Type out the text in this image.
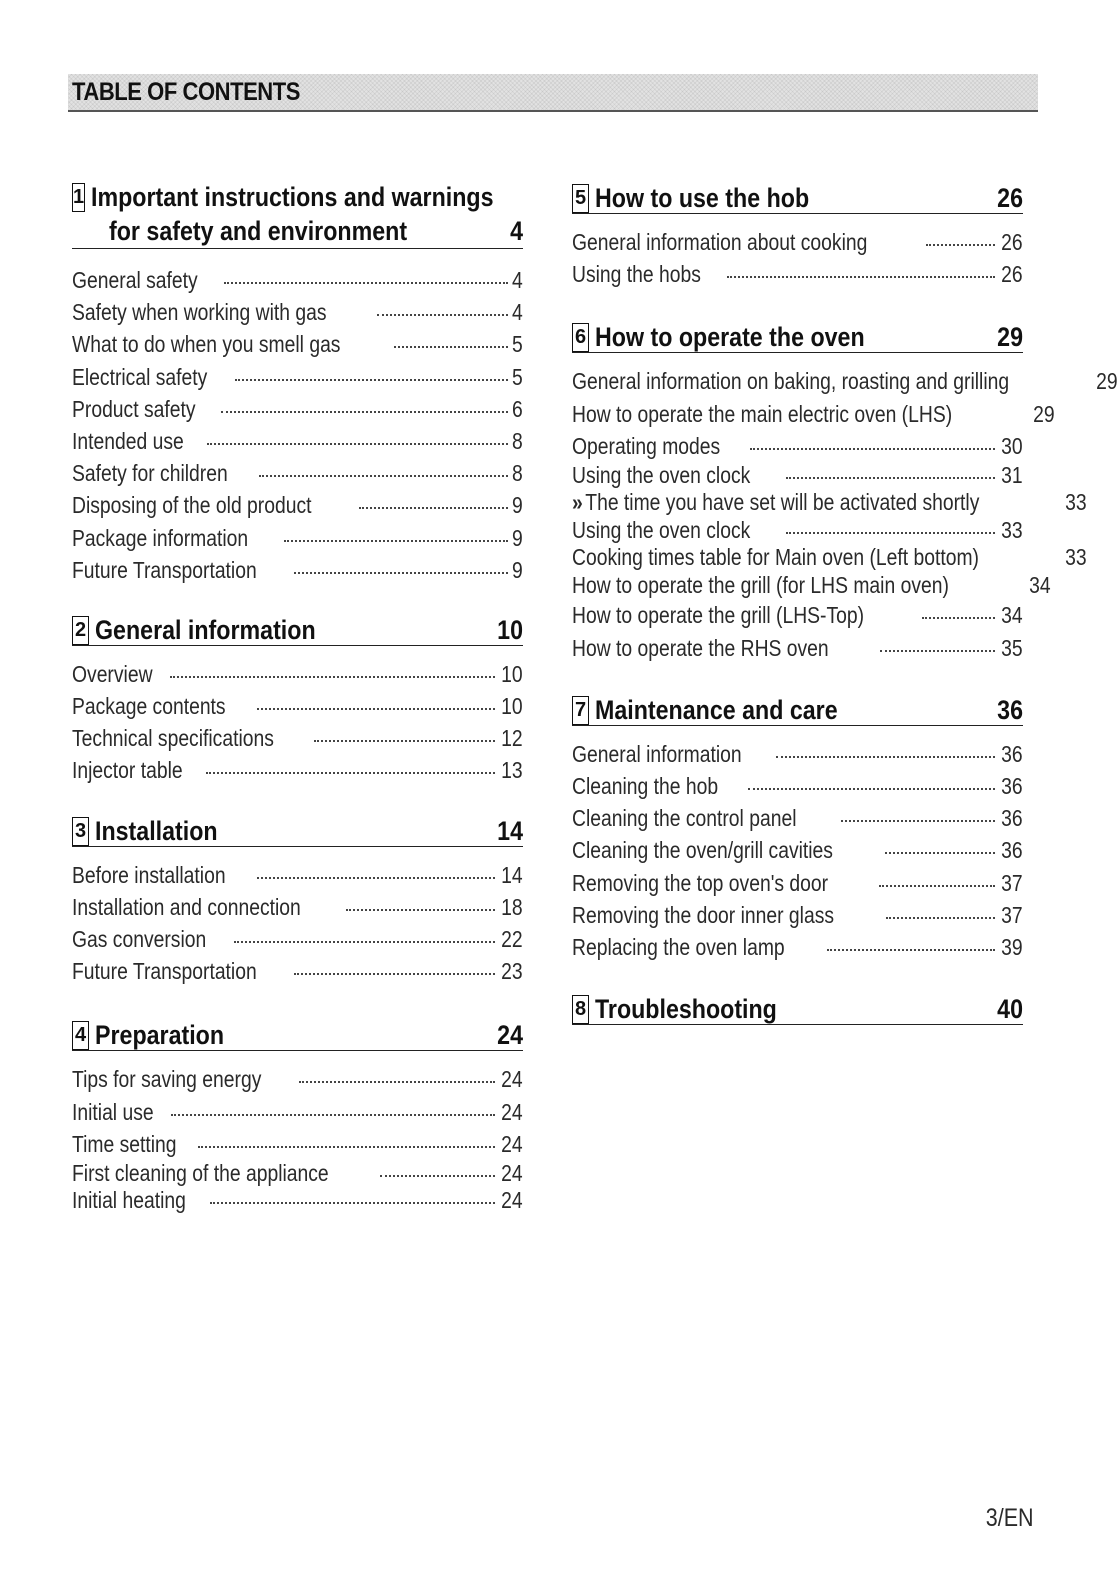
TABLE OF CONTENTS
1 Important instructions and warnings
for safety and environment	4
General safety	4
Safety when working with gas	4
What to do when you smell gas	5
Electrical safety	5
Product safety	6
Intended use	8
Safety for children	8
Disposing of the old product	9
Package information	9
Future Transportation	9
2 General information	10
Overview	10
Package contents	10
Technical specifications	12
Injector table	13
3 Installation	14
Before installation	14
Installation and connection	18
Gas conversion	22
Future Transportation	23
4 Preparation	24
Tips for saving energy	24
Initial use	24
Time setting	24
First cleaning of the appliance	24
Initial heating	24
5 How to use the hob	26
General information about cooking	26
Using the hobs	26
6 How to operate the oven	29
General information on baking, roasting and grilling	29
How to operate the main electric oven (LHS)	29
Operating modes	30
Using the oven clock	31
» The time you have set will be activated shortly	33
Using the oven clock	33
Cooking times table for Main oven (Left bottom)	33
How to operate the grill (for LHS main oven)	34
How to operate the grill (LHS-Top)	34
How to operate the RHS oven	35
7 Maintenance and care	36
General information	36
Cleaning the hob	36
Cleaning the control panel	36
Cleaning the oven/grill cavities	36
Removing the top oven's door	37
Removing the door inner glass	37
Replacing the oven lamp	39
8 Troubleshooting	40
3/EN
